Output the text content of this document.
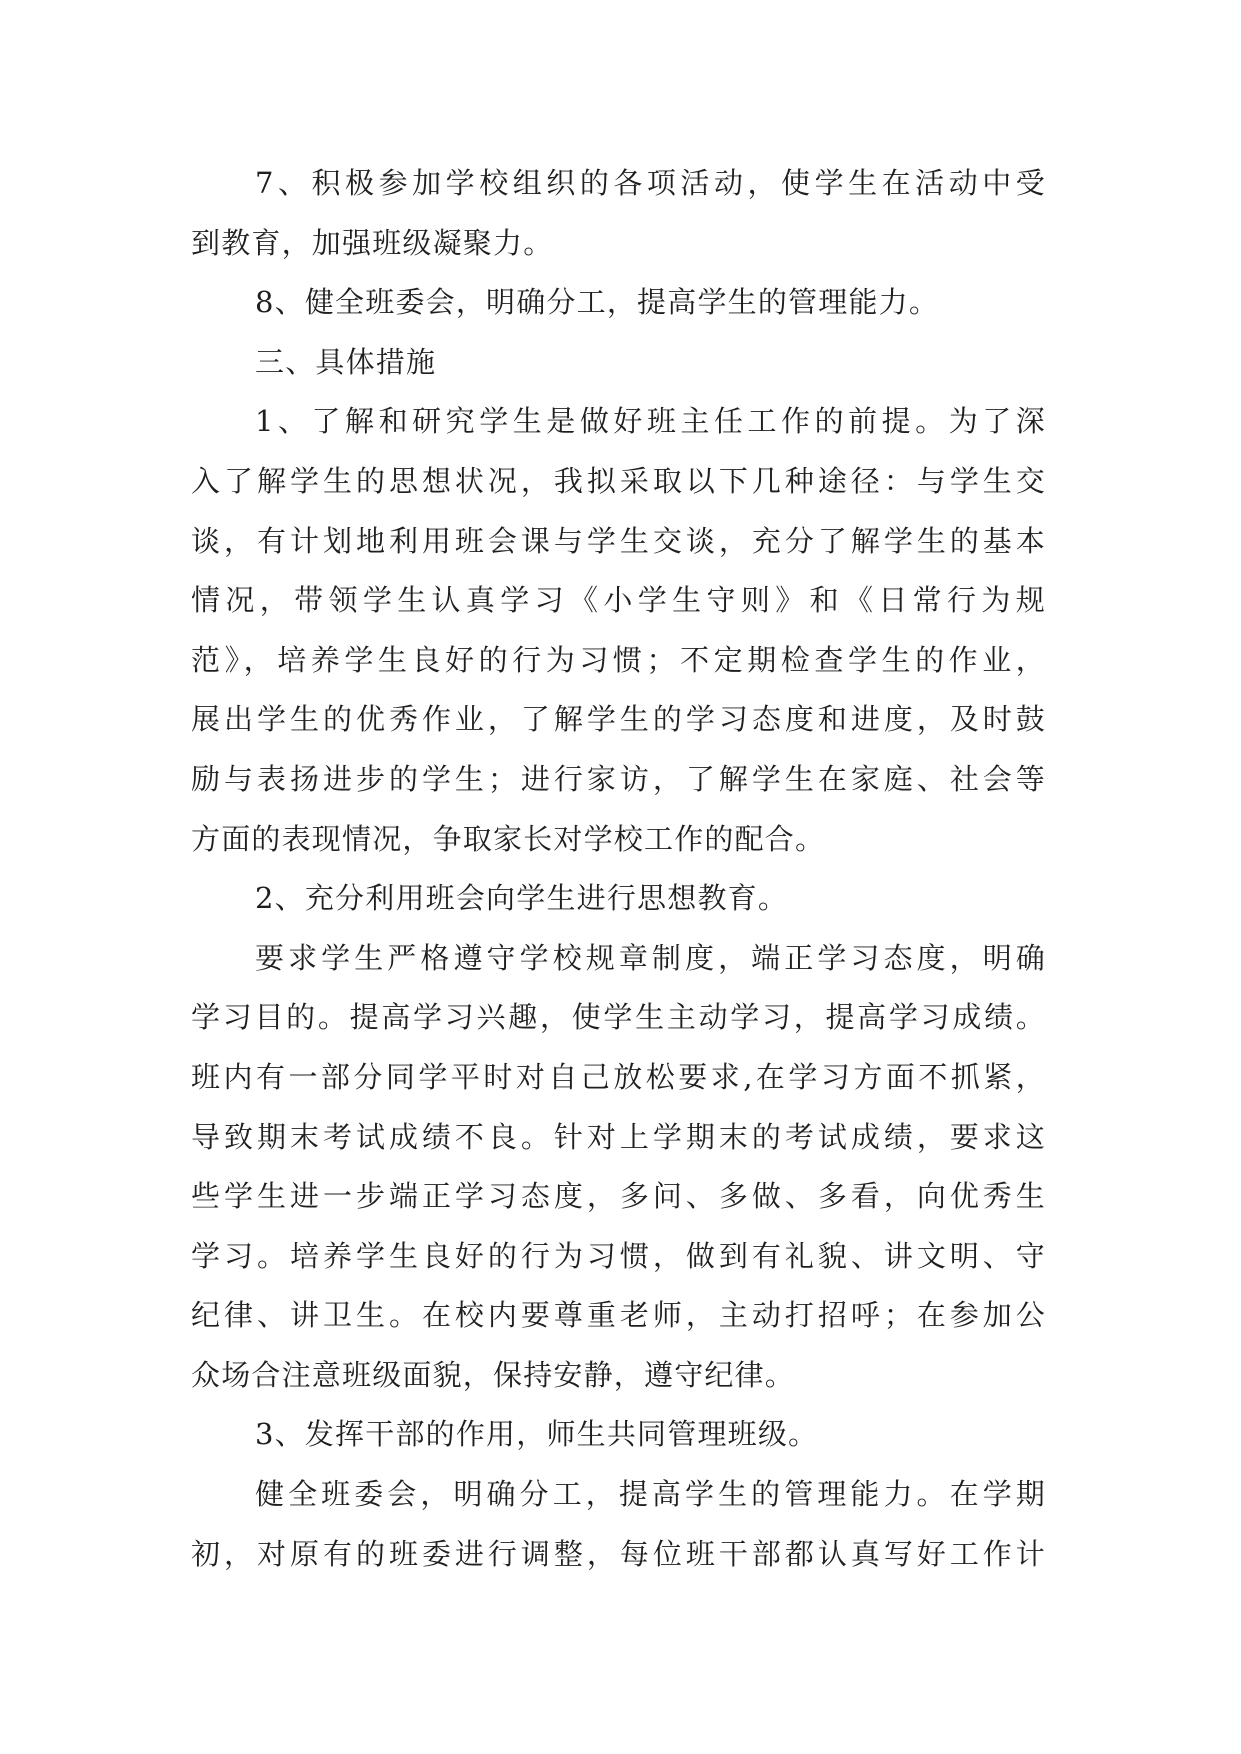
7、积极参加学校组织的各项活动，使学生在活动中受
到教育，加强班级凝聚力。
8、健全班委会，明确分工，提高学生的管理能力。
三、具体措施
1、了解和研究学生是做好班主任工作的前提。为了深
入了解学生的思想状况，我拟采取以下几种途径：与学生交
谈，有计划地利用班会课与学生交谈，充分了解学生的基本
情况，带领学生认真学习《小学生守则》和《日常行为规
范》，培养学生良好的行为习惯；不定期检查学生的作业，
展出学生的优秀作业，了解学生的学习态度和进度，及时鼓
励与表扬进步的学生；进行家访，了解学生在家庭、社会等
方面的表现情况，争取家长对学校工作的配合。
2、充分利用班会向学生进行思想教育。
要求学生严格遵守学校规章制度，端正学习态度，明确
学习目的。提高学习兴趣，使学生主动学习，提高学习成绩。
班内有一部分同学平时对自己放松要求,在学习方面不抓紧，
导致期末考试成绩不良。针对上学期末的考试成绩，要求这
些学生进一步端正学习态度，多问、多做、多看，向优秀生
学习。培养学生良好的行为习惯，做到有礼貌、讲文明、守
纪律、讲卫生。在校内要尊重老师，主动打招呼；在参加公
众场合注意班级面貌，保持安静，遵守纪律。
3、发挥干部的作用，师生共同管理班级。
健全班委会，明确分工，提高学生的管理能力。在学期
初，对原有的班委进行调整，每位班干部都认真写好工作计
